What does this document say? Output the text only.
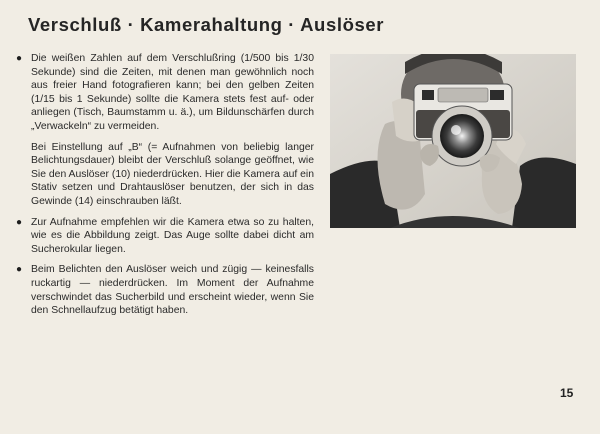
Verschluß · Kamerahaltung · Auslöser

● Die weißen Zahlen auf dem Verschlußring (1/500 bis 1/30 Sekunde) sind die Zeiten, mit denen man gewöhnlich noch aus freier Hand fotografieren kann; bei den gelben Zeiten (1/15 bis 1 Sekunde) sollte die Kamera stets fest auf- oder anliegen (Tisch, Baumstamm u. ä.), um Bildunschärfen durch „Verwackeln“ zu vermeiden.

Bei Einstellung auf „B“ (= Aufnahmen von beliebig langer Belichtungsdauer) bleibt der Verschluß solange geöffnet, wie Sie den Auslöser (10) niederdrücken. Hier die Kamera auf ein Stativ setzen und Drahtauslöser benutzen, der sich in das Gewinde (14) einschrauben läßt.

● Zur Aufnahme empfehlen wir die Kamera etwa so zu halten, wie es die Abbildung zeigt. Das Auge sollte dabei dicht am Sucherokular liegen.

● Beim Belichten den Auslöser weich und zügig — keinesfalls ruckartig — niederdrücken. Im Moment der Aufnahme verschwindet das Sucherbild und erscheint wieder, wenn Sie den Schnellaufzug betätigt haben.

15
